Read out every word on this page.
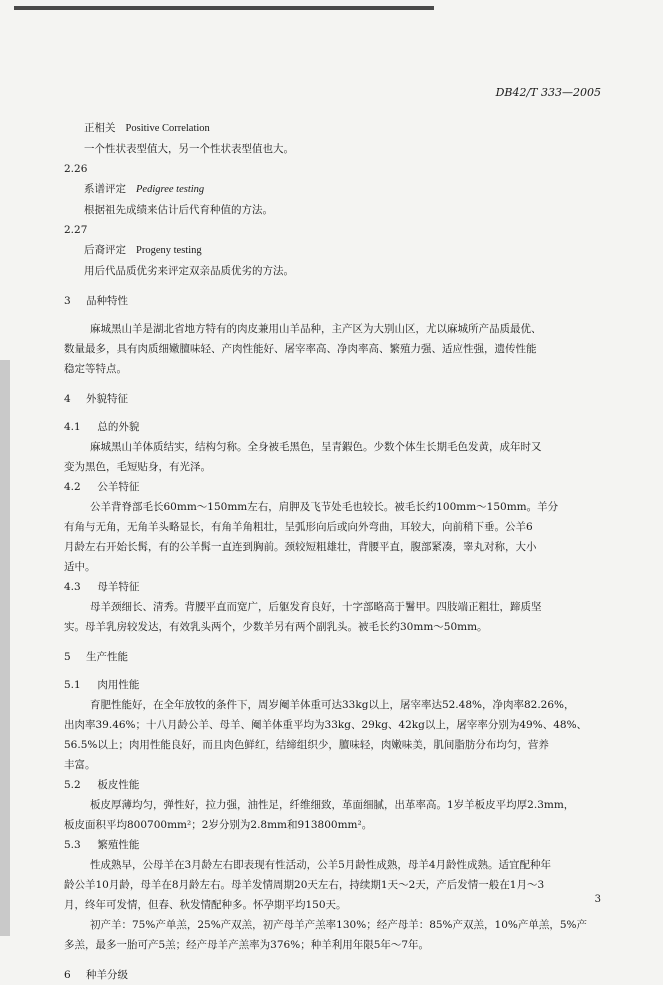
DB42/T 333—2005
正相关 Positive Correlation
一个性状表型值大，另一个性状表型值也大。
2.26
系谱评定 Pedigree testing
根据祖先成绩来估计后代育种值的方法。
2.27
后裔评定 Progeny testing
用后代品质优劣来评定双亲品质优劣的方法。
3 品种特性
麻城黑山羊是湖北省地方特有的肉皮兼用山羊品种，主产区为大别山区，尤以麻城所产品质最优、
数量最多，具有肉质细嫩膻味轻、产肉性能好、屠宰率高、净肉率高、繁殖力强、适应性强，遗传性能
稳定等特点。
4 外貌特征
4.1 总的外貌
麻城黑山羊体质结实，结构匀称。全身被毛黑色，呈青鍜色。少数个体生长期毛色发黄，成年时又
变为黑色，毛短贴身，有光泽。
4.2 公羊特征
公羊背脊部毛长60mm～150mm左右，肩胛及飞节处毛也较长。被毛长约100mm～150mm。羊分
有角与无角，无角羊头略显长，有角羊角粗壮，呈弧形向后或向外弯曲，耳较大，向前稍下垂。公羊6
月龄左右开始长髯，有的公羊髯一直连到胸前。颈较短粗雄壮，背腰平直，腹部紧凑，睾丸对称，大小
适中。
4.3 母羊特征
母羊颈细长、清秀。背腰平直而宽广，后躯发育良好，十字部略高于鬐甲。四肢端正粗壮，蹄质坚
实。母羊乳房较发达，有效乳头两个，少数羊另有两个副乳头。被毛长约30mm～50mm。
5 生产性能
5.1 肉用性能
育肥性能好，在全年放牧的条件下，周岁阉羊体重可达33kg以上，屠宰率达52.48%，净肉率82.26%，
出肉率39.46%；十八月龄公羊、母羊、阉羊体重平均为33kg、29kg、42kg以上，屠宰率分别为49%、48%、
56.5%以上；肉用性能良好，而且肉色鲜红，结缔组织少，膻味轻，肉嫩味美，肌间脂肪分布均匀，营养
丰富。
5.2 板皮性能
板皮厚薄均匀，弹性好，拉力强，油性足，纤维细致，革面细腻，出革率高。1岁羊板皮平均厚2.3mm，
板皮面积平均800700mm²；2岁分别为2.8mm和913800mm²。
5.3 繁殖性能
性成熟早，公母羊在3月龄左右即表现有性活动，公羊5月龄性成熟，母羊4月龄性成熟。适宜配种年
龄公羊10月龄，母羊在8月龄左右。母羊发情周期20天左右，持续期1天～2天，产后发情一般在1月～3
月，终年可发情，但春、秋发情配种多。怀孕期平均150天。
初产羊：75%产单羔，25%产双羔，初产母羊产羔率130%；经产母羊：85%产双羔，10%产单羔，5%产
多羔，最多一胎可产5羔；经产母羊产羔率为376%；种羊利用年限5年～7年。
6 种羊分级
3
